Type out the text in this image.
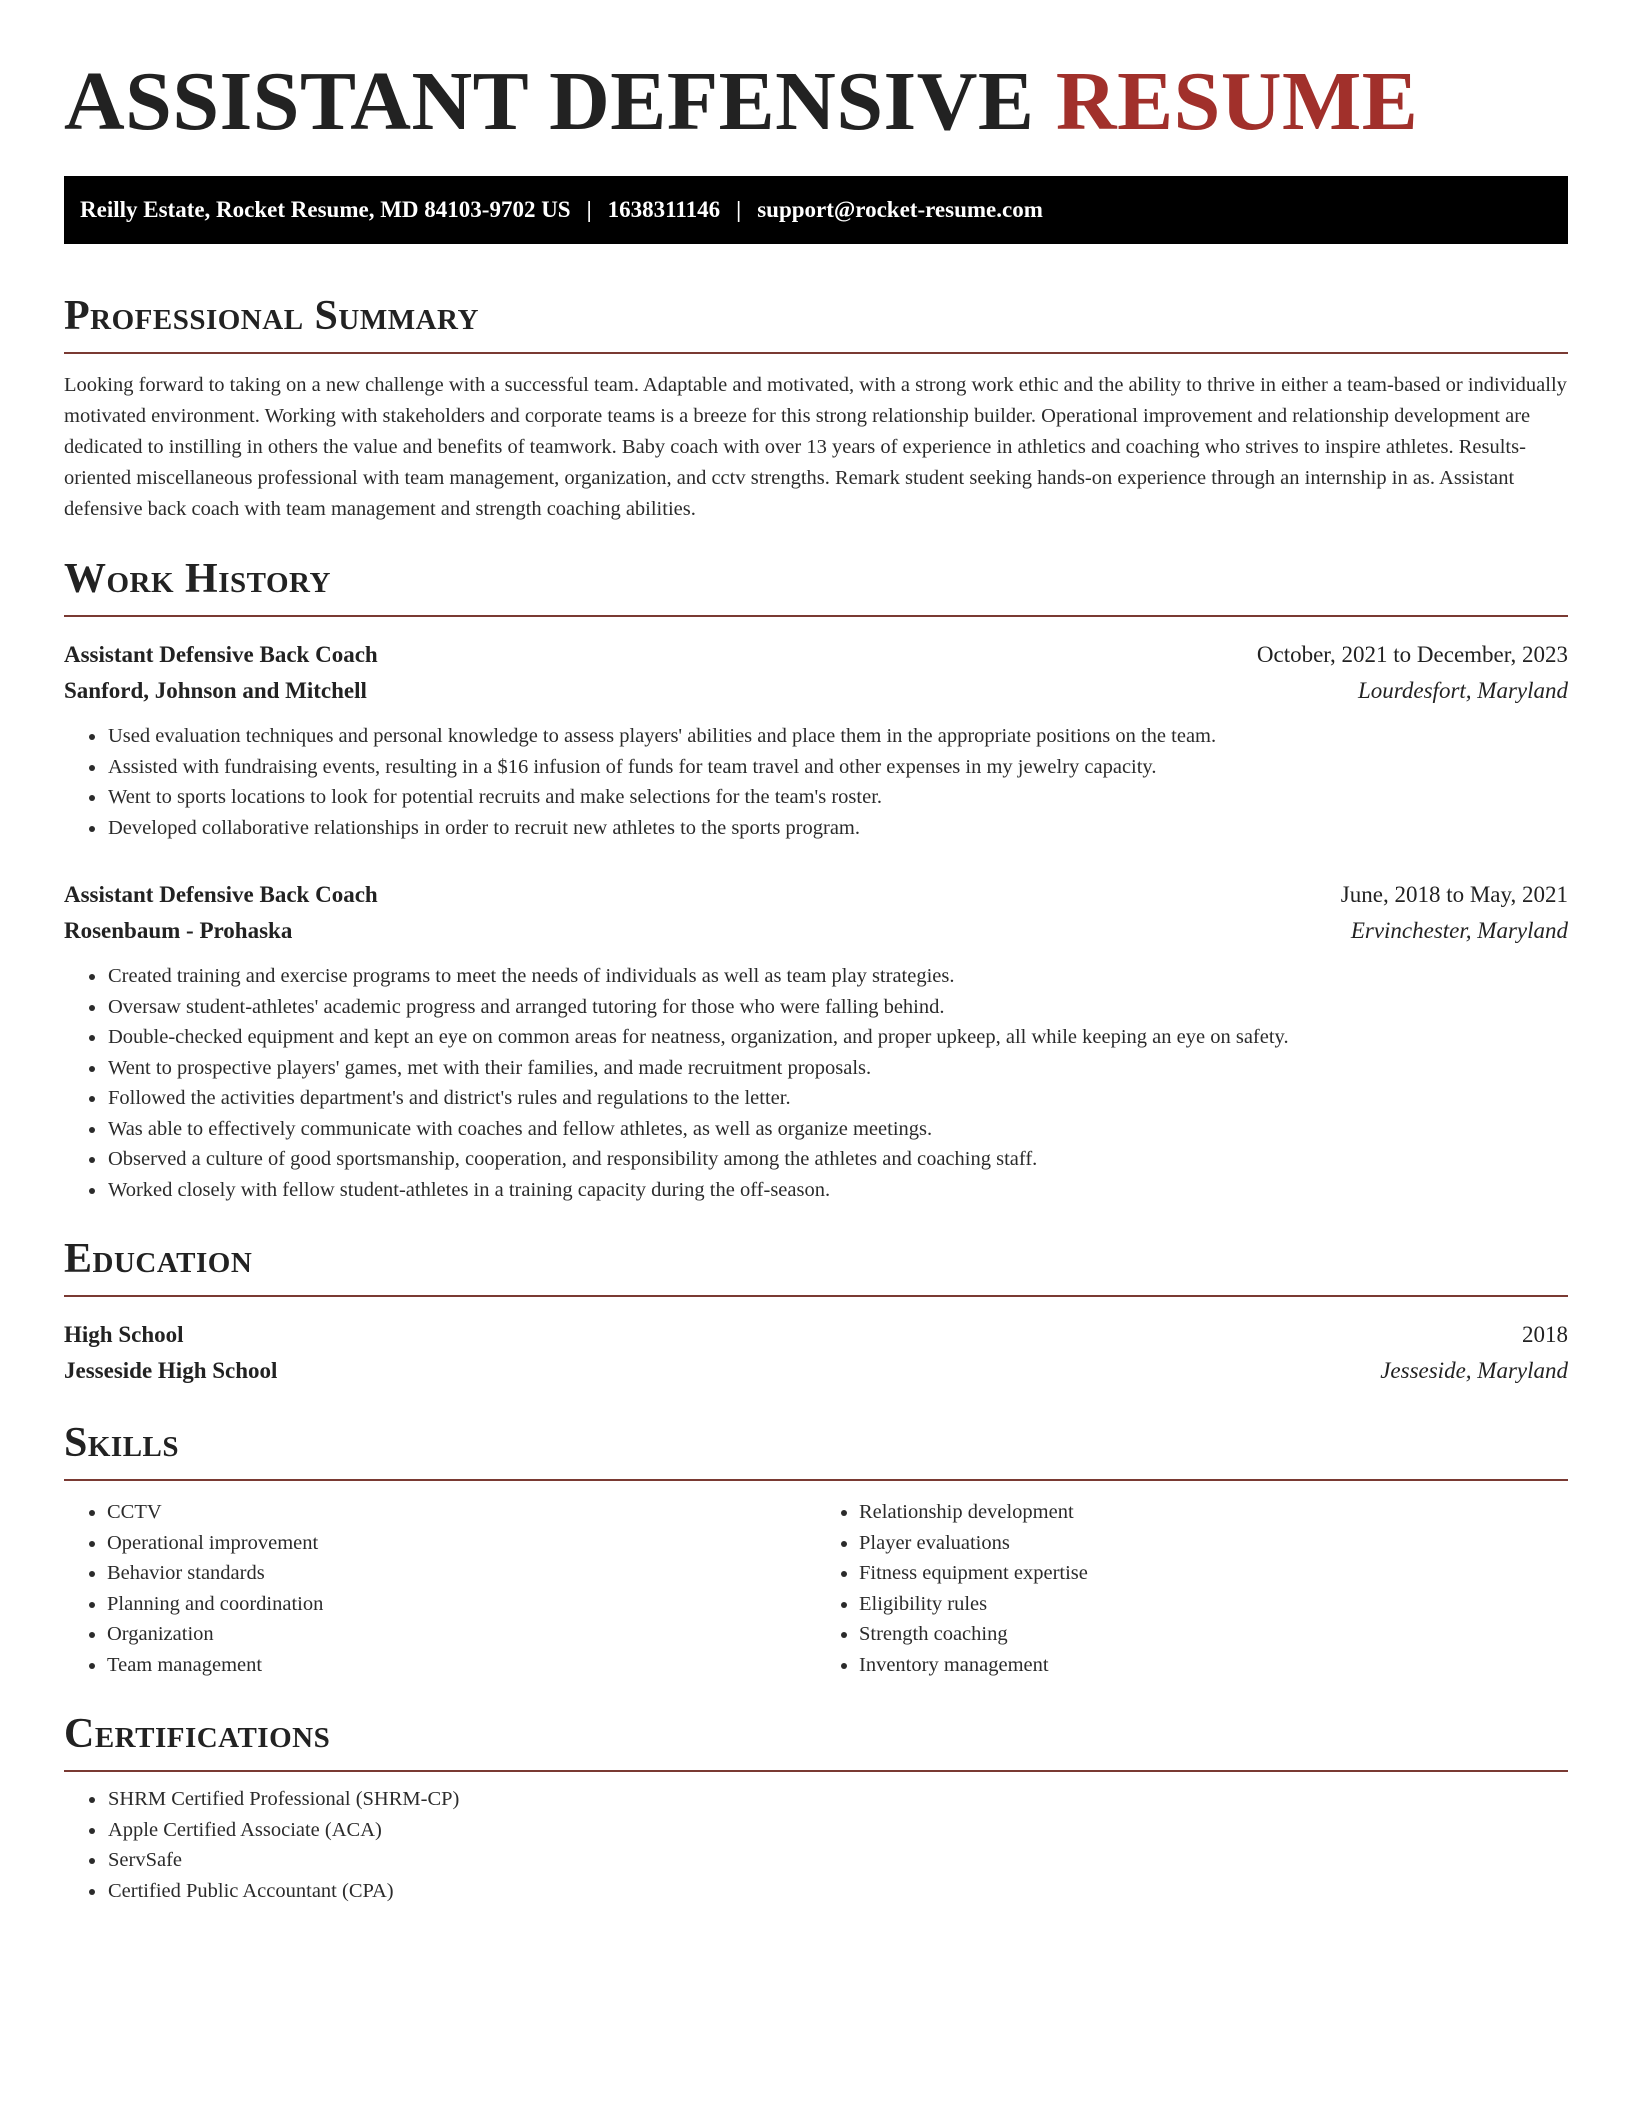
ASSISTANT DEFENSIVE RESUME
Reilly Estate, Rocket Resume, MD 84103-9702 US | 1638311146 | support@rocket-resume.com
Professional Summary

Looking forward to taking on a new challenge with a successful team. Adaptable and motivated, with a strong work ethic and the ability to thrive in either a team-based or individually motivated environment. Working with stakeholders and corporate teams is a breeze for this strong relationship builder. Operational improvement and relationship development are dedicated to instilling in others the value and benefits of teamwork. Baby coach with over 13 years of experience in athletics and coaching who strives to inspire athletes. Results-oriented miscellaneous professional with team management, organization, and cctv strengths. Remark student seeking hands-on experience through an internship in as. Assistant defensive back coach with team management and strength coaching abilities.

Work History
Assistant Defensive Back Coach	October, 2021 to December, 2023
Sanford, Johnson and Mitchell	Lourdesfort, Maryland
• Used evaluation techniques and personal knowledge to assess players' abilities and place them in the appropriate positions on the team.
• Assisted with fundraising events, resulting in a $16 infusion of funds for team travel and other expenses in my jewelry capacity.
• Went to sports locations to look for potential recruits and make selections for the team's roster.
• Developed collaborative relationships in order to recruit new athletes to the sports program.
Assistant Defensive Back Coach	June, 2018 to May, 2021
Rosenbaum - Prohaska	Ervinchester, Maryland
• Created training and exercise programs to meet the needs of individuals as well as team play strategies.
• Oversaw student-athletes' academic progress and arranged tutoring for those who were falling behind.
• Double-checked equipment and kept an eye on common areas for neatness, organization, and proper upkeep, all while keeping an eye on safety.
• Went to prospective players' games, met with their families, and made recruitment proposals.
• Followed the activities department's and district's rules and regulations to the letter.
• Was able to effectively communicate with coaches and fellow athletes, as well as organize meetings.
• Observed a culture of good sportsmanship, cooperation, and responsibility among the athletes and coaching staff.
• Worked closely with fellow student-athletes in a training capacity during the off-season.
Education
High School	2018
Jesseside High School	Jesseside, Maryland
Skills
• CCTV
• Operational improvement
• Behavior standards
• Planning and coordination
• Organization
• Team management
• Relationship development
• Player evaluations
• Fitness equipment expertise
• Eligibility rules
• Strength coaching
• Inventory management
Certifications
• SHRM Certified Professional (SHRM-CP)
• Apple Certified Associate (ACA)
• ServSafe
• Certified Public Accountant (CPA)
